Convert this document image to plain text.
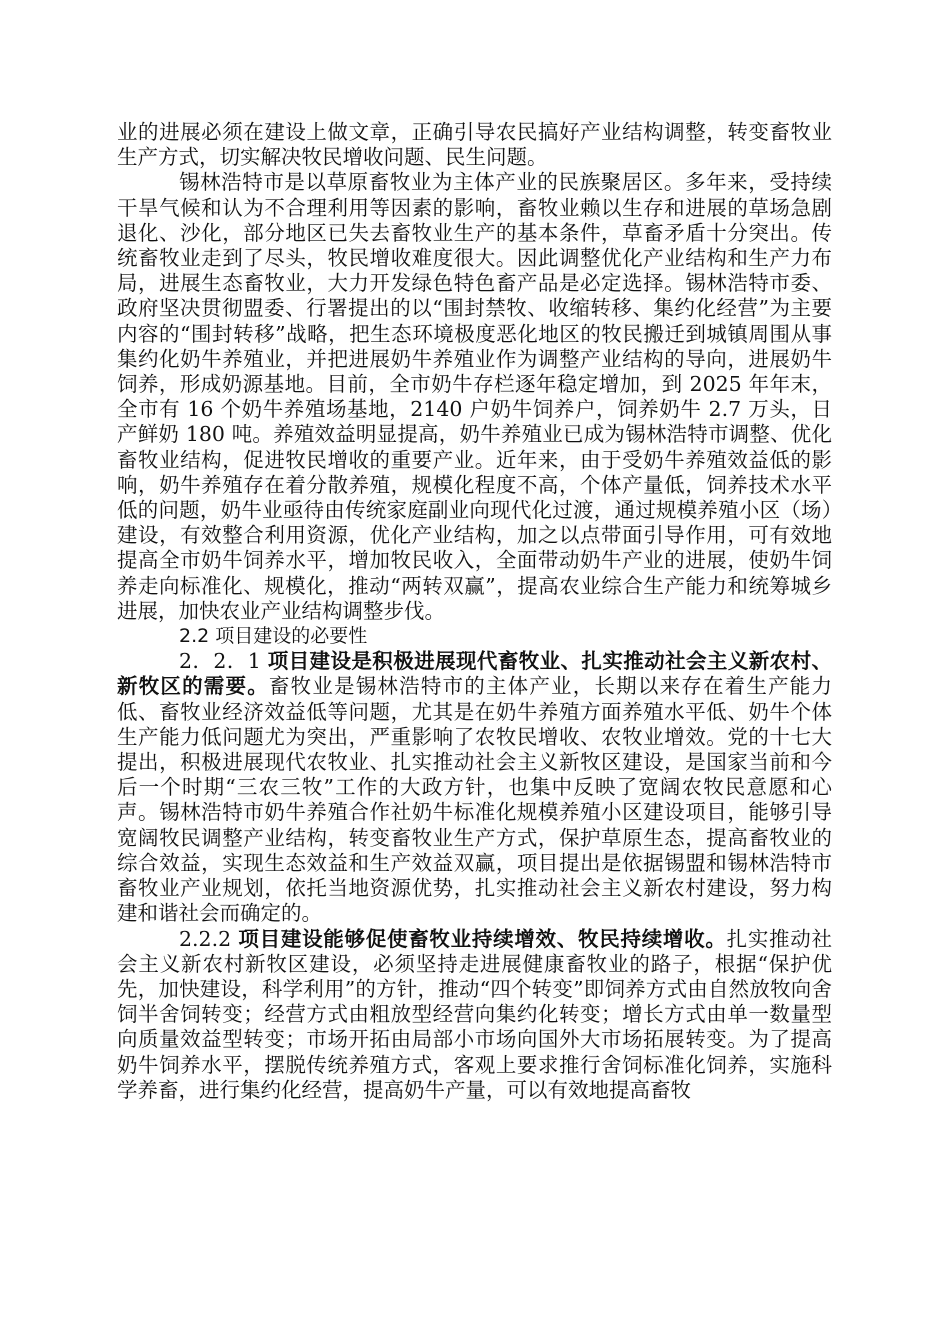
业的进展必须在建设上做文章，正确引导农民搞好产业结构调整，转变畜牧业生产方式，切实解决牧民增收问题、民生问题。

锡林浩特市是以草原畜牧业为主体产业的民族聚居区。多年来，受持续干旱气候和认为不合理利用等因素的影响，畜牧业赖以生存和进展的草场急剧退化、沙化，部分地区已失去畜牧业生产的基本条件，草畜矛盾十分突出。传统畜牧业走到了尽头，牧民增收难度很大。因此调整优化产业结构和生产力布局，进展生态畜牧业，大力开发绿色特色畜产品是必定选择。锡林浩特市委、政府坚决贯彻盟委、行署提出的以“围封禁牧、收缩转移、集约化经营”为主要内容的“围封转移”战略，把生态环境极度恶化地区的牧民搬迁到城镇周围从事集约化奶牛养殖业，并把进展奶牛养殖业作为调整产业结构的导向，进展奶牛饲养，形成奶源基地。目前，全市奶牛存栏逐年稳定增加，到 2025 年年末，全市有 16 个奶牛养殖场基地，2140 户奶牛饲养户，饲养奶牛 2.7 万头，日产鲜奶 180 吨。养殖效益明显提高，奶牛养殖业已成为锡林浩特市调整、优化畜牧业结构，促进牧民增收的重要产业。近年来，由于受奶牛养殖效益低的影响，奶牛养殖存在着分散养殖，规模化程度不高，个体产量低，饲养技术水平低的问题，奶牛业亟待由传统家庭副业向现代化过渡，通过规模养殖小区（场）建设，有效整合利用资源，优化产业结构，加之以点带面引导作用，可有效地提高全市奶牛饲养水平，增加牧民收入，全面带动奶牛产业的进展，使奶牛饲养走向标准化、规模化，推动“两转双赢”，提高农业综合生产能力和统筹城乡进展，加快农业产业结构调整步伐。

2.2 项目建设的必要性

2．2．1 项目建设是积极进展现代畜牧业、扎实推动社会主义新农村、新牧区的需要。畜牧业是锡林浩特市的主体产业，长期以来存在着生产能力低、畜牧业经济效益低等问题，尤其是在奶牛养殖方面养殖水平低、奶牛个体生产能力低问题尤为突出，严重影响了农牧民增收、农牧业增效。党的十七大提出，积极进展现代农牧业、扎实推动社会主义新牧区建设，是国家当前和今后一个时期“三农三牧”工作的大政方针，也集中反映了宽阔农牧民意愿和心声。锡林浩特市奶牛养殖合作社奶牛标准化规模养殖小区建设项目，能够引导宽阔牧民调整产业结构，转变畜牧业生产方式，保护草原生态，提高畜牧业的综合效益，实现生态效益和生产效益双赢，项目提出是依据锡盟和锡林浩特市畜牧业产业规划，依托当地资源优势，扎实推动社会主义新农村建设，努力构建和谐社会而确定的。

2.2.2 项目建设能够促使畜牧业持续增效、牧民持续增收。扎实推动社会主义新农村新牧区建设，必须坚持走进展健康畜牧业的路子，根据“保护优先，加快建设，科学利用”的方针，推动“四个转变”即饲养方式由自然放牧向舍饲半舍饲转变；经营方式由粗放型经营向集约化转变；增长方式由单一数量型向质量效益型转变；市场开拓由局部小市场向国外大市场拓展转变。为了提高奶牛饲养水平，摆脱传统养殖方式，客观上要求推行舍饲标准化饲养，实施科学养畜，进行集约化经营，提高奶牛产量，可以有效地提高畜牧
